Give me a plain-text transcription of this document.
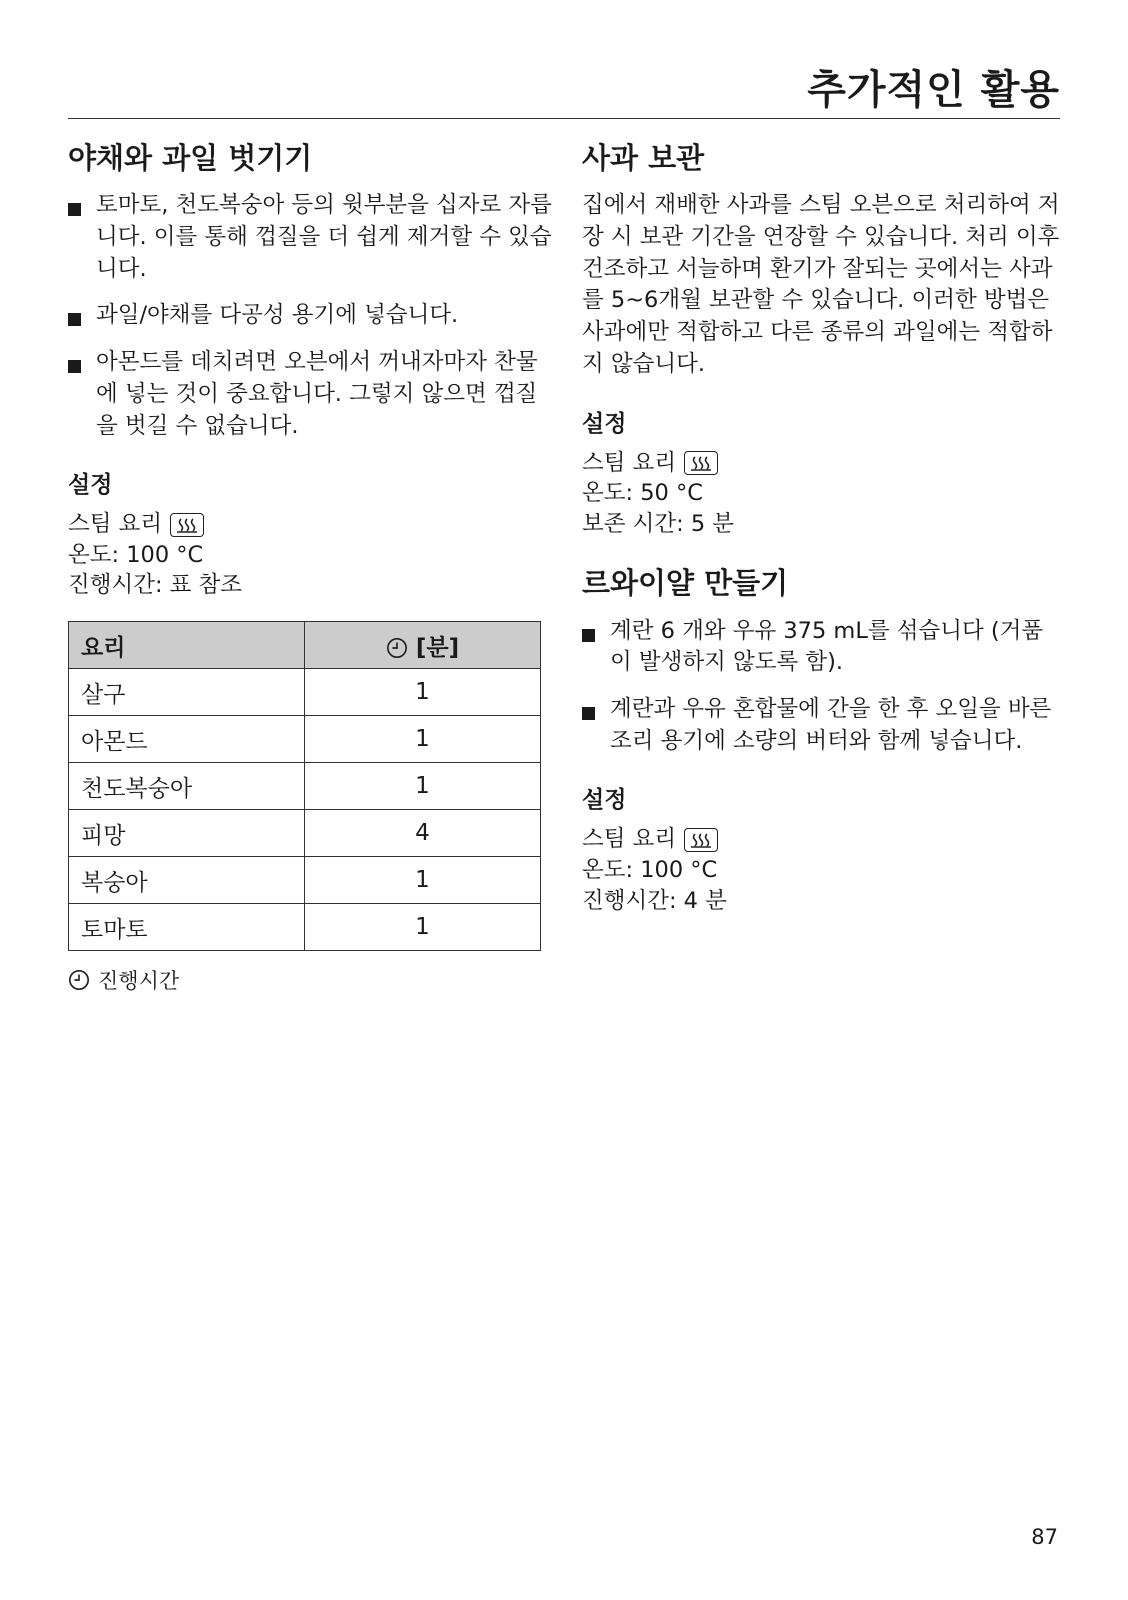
추가적인 활용
야채와 과일 벗기기
토마토, 천도복숭아 등의 윗부분을 십자로 자릅니다. 이를 통해 껍질을 더 쉽게 제거할 수 있습니다.
과일/야채를 다공성 용기에 넣습니다.
아몬드를 데치려면 오븐에서 꺼내자마자 찬물에 넣는 것이 중요합니다. 그렇지 않으면 껍질을 벗길 수 없습니다.
설정
스팀 요리
온도: 100 °C
진행시간: 표 참조
요리	[분]
살구	1
아몬드	1
천도복숭아	1
피망	4
복숭아	1
토마토	1
진행시간
사과 보관

집에서 재배한 사과를 스팀 오븐으로 처리하여 저장 시 보관 기간을 연장할 수 있습니다. 처리 이후 건조하고 서늘하며 환기가 잘되는 곳에서는 사과를 5~6개월 보관할 수 있습니다. 이러한 방법은 사과에만 적합하고 다른 종류의 과일에는 적합하지 않습니다.

설정
스팀 요리
온도: 50 °C
보존 시간: 5 분
르와이얄 만들기
계란 6 개와 우유 375 mL를 섞습니다 (거품이 발생하지 않도록 함).
계란과 우유 혼합물에 간을 한 후 오일을 바른 조리 용기에 소량의 버터와 함께 넣습니다.
설정
스팀 요리
온도: 100 °C
진행시간: 4 분
87
